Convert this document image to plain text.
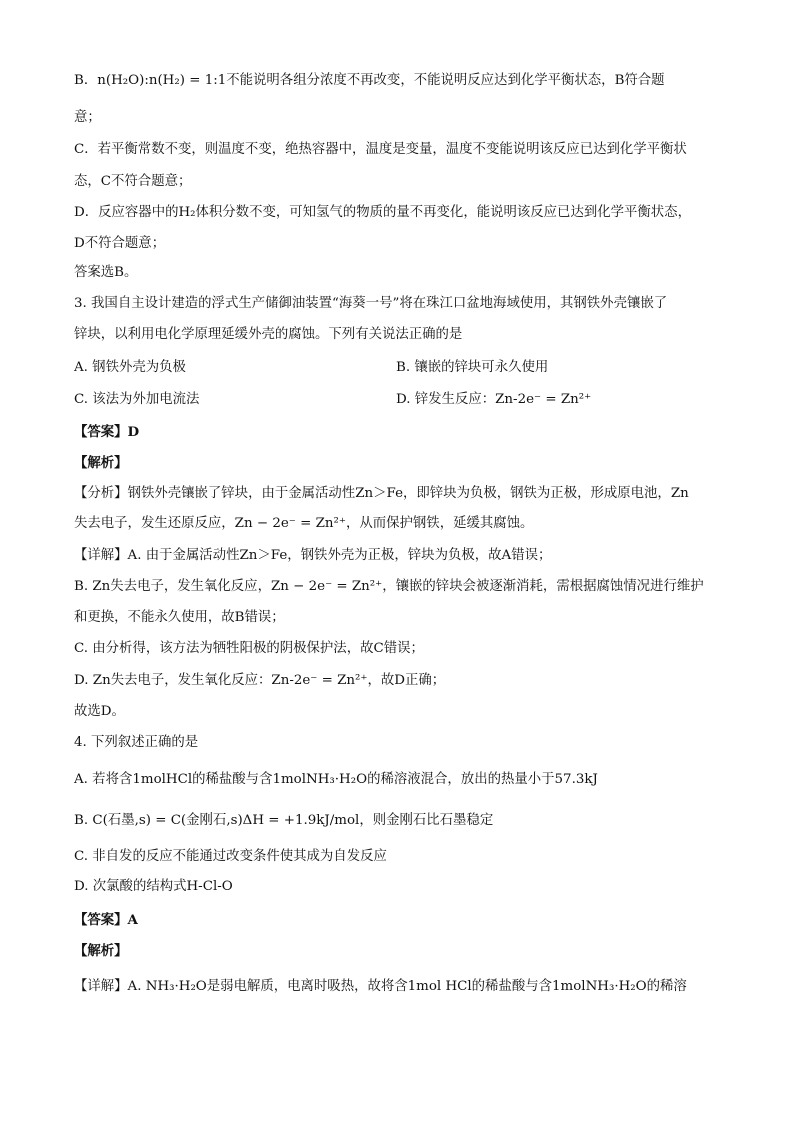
B．n(H₂O):n(H₂) = 1:1不能说明各组分浓度不再改变，不能说明反应达到化学平衡状态，B符合题
意；
C．若平衡常数不变，则温度不变，绝热容器中，温度是变量，温度不变能说明该反应已达到化学平衡状
态，C不符合题意；
D．反应容器中的H₂体积分数不变，可知氢气的物质的量不再变化，能说明该反应已达到化学平衡状态，
D不符合题意；
答案选B。
3. 我国自主设计建造的浮式生产储御油装置“海葵一号”将在珠江口盆地海域使用，其钢铁外壳镶嵌了
锌块，以利用电化学原理延缓外壳的腐蚀。下列有关说法正确的是
A. 钢铁外壳为负极	B. 镶嵌的锌块可永久使用
C. 该法为外加电流法	D. 锌发生反应：Zn-2e⁻ = Zn²⁺
【答案】D
【解析】
【分析】钢铁外壳镶嵌了锌块，由于金属活动性Zn＞Fe，即锌块为负极，钢铁为正极，形成原电池，Zn
失去电子，发生还原反应，Zn − 2e⁻ = Zn²⁺，从而保护钢铁，延缓其腐蚀。
【详解】A. 由于金属活动性Zn＞Fe，钢铁外壳为正极，锌块为负极，故A错误；
B. Zn失去电子，发生氧化反应，Zn − 2e⁻ = Zn²⁺，镶嵌的锌块会被逐渐消耗，需根据腐蚀情况进行维护
和更换，不能永久使用，故B错误；
C. 由分析得，该方法为牺牲阳极的阴极保护法，故C错误；
D. Zn失去电子，发生氧化反应：Zn-2e⁻ = Zn²⁺，故D正确；
故选D。
4. 下列叙述正确的是
A. 若将含1molHCl的稀盐酸与含1molNH₃·H₂O的稀溶液混合，放出的热量小于57.3kJ
B. C(石墨,s) = C(金刚石,s)ΔH = +1.9kJ/mol，则金刚石比石墨稳定
C. 非自发的反应不能通过改变条件使其成为自发反应
D. 次氯酸的结构式H-Cl-O
【答案】A
【解析】
【详解】A. NH₃·H₂O是弱电解质，电离时吸热，故将含1mol HCl的稀盐酸与含1molNH₃·H₂O的稀溶
